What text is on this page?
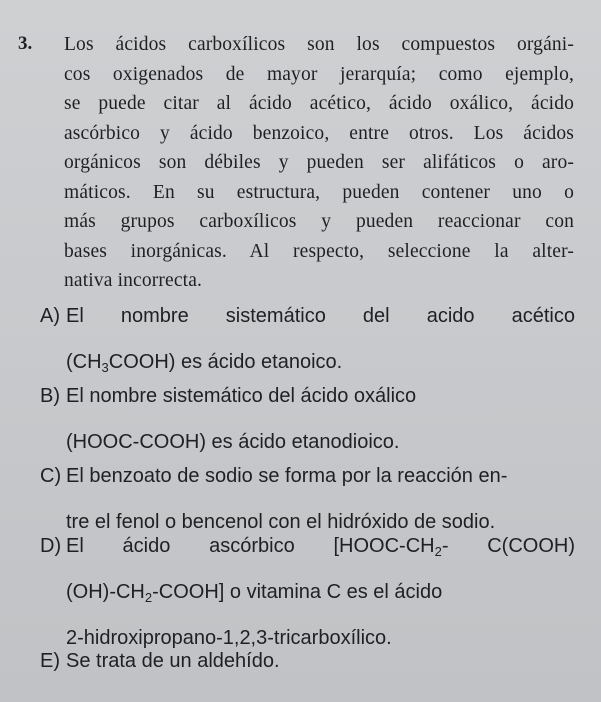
3. Los ácidos carboxílicos son los compuestos orgáni-
cos oxigenados de mayor jerarquía; como ejemplo,
se puede citar al ácido acético, ácido oxálico, ácido
ascórbico y ácido benzoico, entre otros. Los ácidos
orgánicos son débiles y pueden ser alifáticos o aro-
máticos. En su estructura, pueden contener uno o
más grupos carboxílicos y pueden reaccionar con
bases inorgánicas. Al respecto, seleccione la alter-
nativa incorrecta.
A) El nombre sistemático del acido acético
$(CH_3COOH)$ es ácido etanoico.
B) El nombre sistemático del ácido oxálico
(HOOC-COOH) es ácido etanodioico.
C) El benzoato de sodio se forma por la reacción en-
tre el fenol o bencenol con el hidróxido de sodio.
D) El ácido ascórbico [$HOOC-CH_2-$ C(COOH)
$(OH)-CH_2-COOH$] o vitamina C es el ácido
2-hidroxipropano-1,2,3-tricarboxílico.
E) Se trata de un aldehído.
